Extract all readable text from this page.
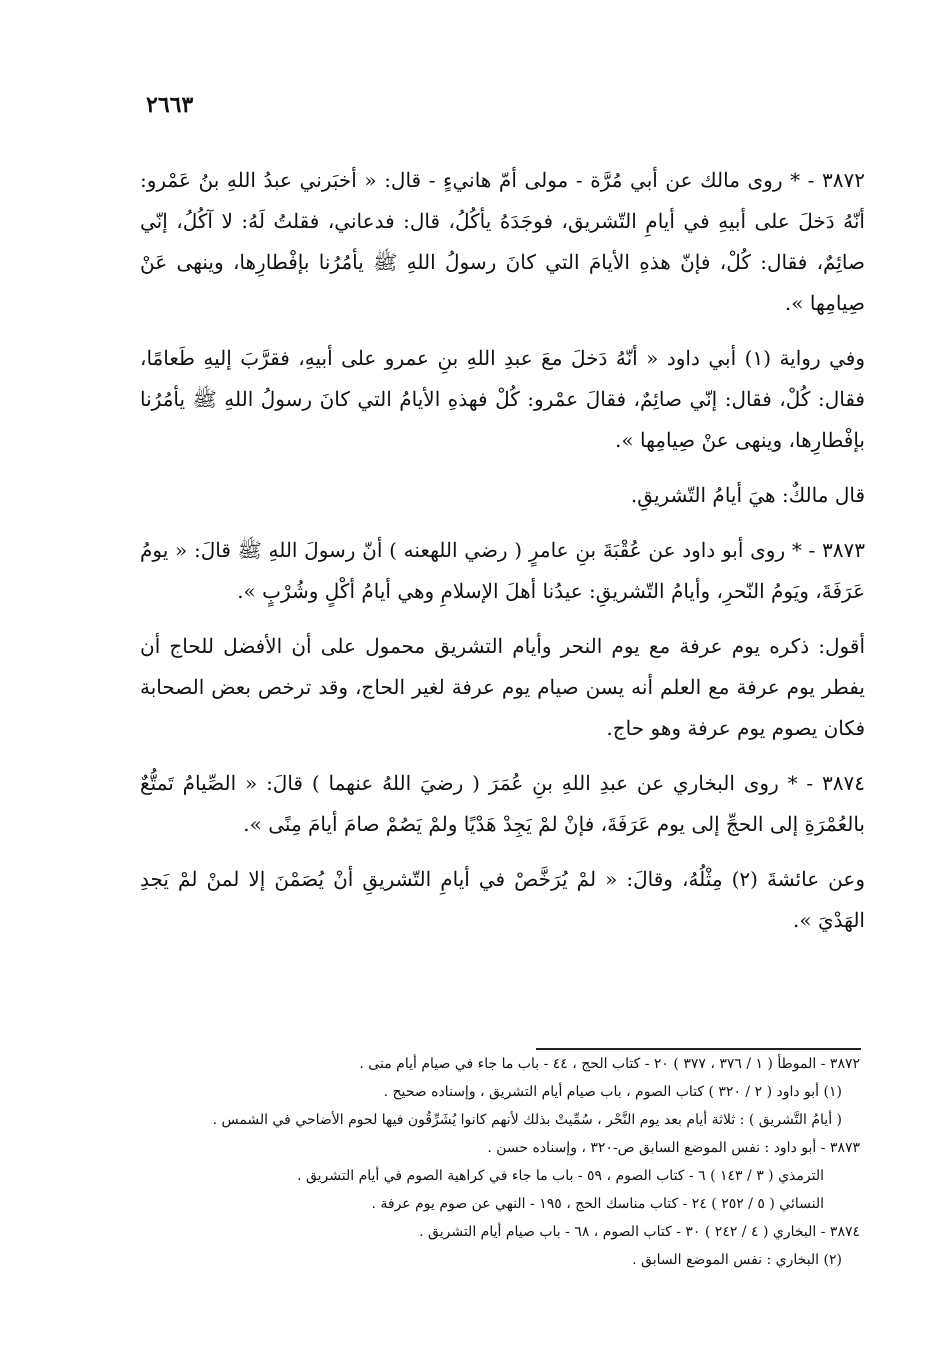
٢٦٦٣

٣٨٧٢ - * روى مالك عن أبي مُرَّة - مولى أمّ هانيءٍ - قال: « أخبَرني عبدُ اللهِ بنُ عَمْرو: أنّهُ دَخلَ على أبيهِ في أيامِ التّشريق، فوجَدَهُ يأكُلُ، قال: فدعاني، فقلتُ لَهُ: لا آكُلُ، إنّي صائِمٌ، فقال: كُلْ، فإنّ هذهِ الأيامَ التي كانَ رسولُ اللهِ ﷺ يأمُرُنا بإفْطارِها، وينهى عَنْ صِيامِها ».

وفي رواية (١) أبي داود « أنّهُ دَخلَ معَ عبدِ اللهِ بنِ عمرو على أبيهِ، فقرَّبَ إليهِ طَعامًا، فقال: كُلْ، فقال: إنّي صائِمٌ، فقالَ عمْرو: كُلْ فهذهِ الأيامُ التي كانَ رسولُ اللهِ ﷺ يأمُرُنا بإفْطارِها، وينهى عنْ صِيامِها ».

قال مالكٌ: هيَ أيامُ التّشريقِ.

٣٨٧٣ - * روى أبو داود عن عُقْبَةَ بنِ عامرٍ ( رضي اللهعنه ) أنّ رسولَ اللهِ ﷺ قالَ: « يومُ عَرَفَةَ، ويَومُ النّحرِ، وأيامُ التّشريقِ: عيدُنا أهلَ الإسلامِ وهي أيامُ أكْلٍ وشُرْبٍ ».

أقول: ذكره يوم عرفة مع يوم النحر وأيام التشريق محمول على أن الأفضل للحاج أن يفطر يوم عرفة مع العلم أنه يسن صيام يوم عرفة لغير الحاج، وقد ترخص بعض الصحابة فكان يصوم يوم عرفة وهو حاج.

٣٨٧٤ - * روى البخاري عن عبدِ اللهِ بنِ عُمَرَ ( رضيَ اللهُ عنهما ) قالَ: « الصِّيامُ تَمتُّعٌ بالعُمْرَةِ إلى الحجِّ إلى يوم عَرَفَةَ، فإنْ لمْ يَجِدْ هَدْيًا ولمْ يَصُمْ صامَ أيامَ مِنًى ».

وعن عائشةَ (٢) مِثْلُهُ، وقالَ: « لمْ يُرَخَّصْ في أيامِ التّشريقِ أنْ يُصَمْنَ إلا لمنْ لمْ يَجدِ الهَدْيَ ».

٣٨٧٢ - الموطأ ( ١ / ٣٧٦ ، ٣٧٧ ) ٢٠ - كتاب الحج ، ٤٤ - باب ما جاء في صيام أيام منى .

(١) أبو داود ( ٢ / ٣٢٠ ) كتاب الصوم ، باب صيام أيام التشريق ، وإسناده صحيح .

( أيامُ التَّشريق ) : ثلاثة أيام بعد يوم النَّحْر ، سُمِّيتْ بذلك لأنهم كانوا يُشَرِّقُون فيها لحوم الأضاحي في الشمس .

٣٨٧٣ - أبو داود : نفس الموضع السابق ص-٣٢٠ ، وإسناده حسن .

الترمذي ( ٣ / ١٤٣ ) ٦ - كتاب الصوم ، ٥٩ - باب ما جاء في كراهية الصوم في أيام التشريق .

النسائي ( ٥ / ٢٥٢ ) ٢٤ - كتاب مناسك الحج ، ١٩٥ - النهي عن صوم يوم عرفة .

٣٨٧٤ - البخاري ( ٤ / ٢٤٢ ) ٣٠ - كتاب الصوم ، ٦٨ - باب صيام أيام التشريق .

(٢) البخاري : نفس الموضع السابق .
